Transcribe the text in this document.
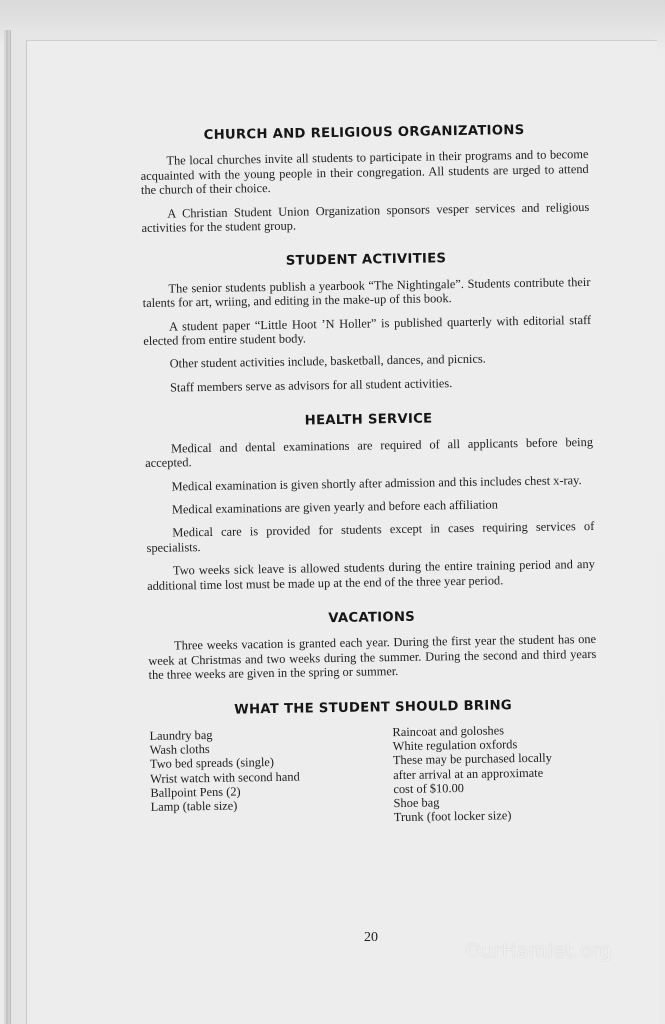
CHURCH AND RELIGIOUS ORGANIZATIONS

The local churches invite all students to participate in their programs and to become acquainted with the young people in their congregation. All students are urged to attend the church of their choice.

A Christian Student Union Organization sponsors vesper services and religious activities for the student group.

STUDENT ACTIVITIES

The senior students publish a yearbook “The Nightingale”. Students contribute their talents for art, wriing, and editing in the make-up of this book.

A student paper “Little Hoot ’N Holler” is published quarterly with editorial staff elected from entire student body.

Other student activities include, basketball, dances, and picnics.

Staff members serve as advisors for all student activities.

HEALTH SERVICE

Medical and dental examinations are required of all applicants before being accepted.

Medical examination is given shortly after admission and this includes chest x-ray.

Medical examinations are given yearly and before each affiliation

Medical care is provided for students except in cases requiring services of specialists.

Two weeks sick leave is allowed students during the entire training period and any additional time lost must be made up at the end of the three year period.

VACATIONS

Three weeks vacation is granted each year. During the first year the student has one week at Christmas and two weeks during the summer. During the second and third years the three weeks are given in the spring or summer.

WHAT THE STUDENT SHOULD BRING
Laundry bag
Wash cloths
Two bed spreads (single)
Wrist watch with second hand
Ballpoint Pens (2)
Lamp (table size)
Raincoat and goloshes
White regulation oxfords
These may be purchased locally
after arrival at an approximate
cost of $10.00
Shoe bag
Trunk (foot locker size)
20
OurHamlet.org
